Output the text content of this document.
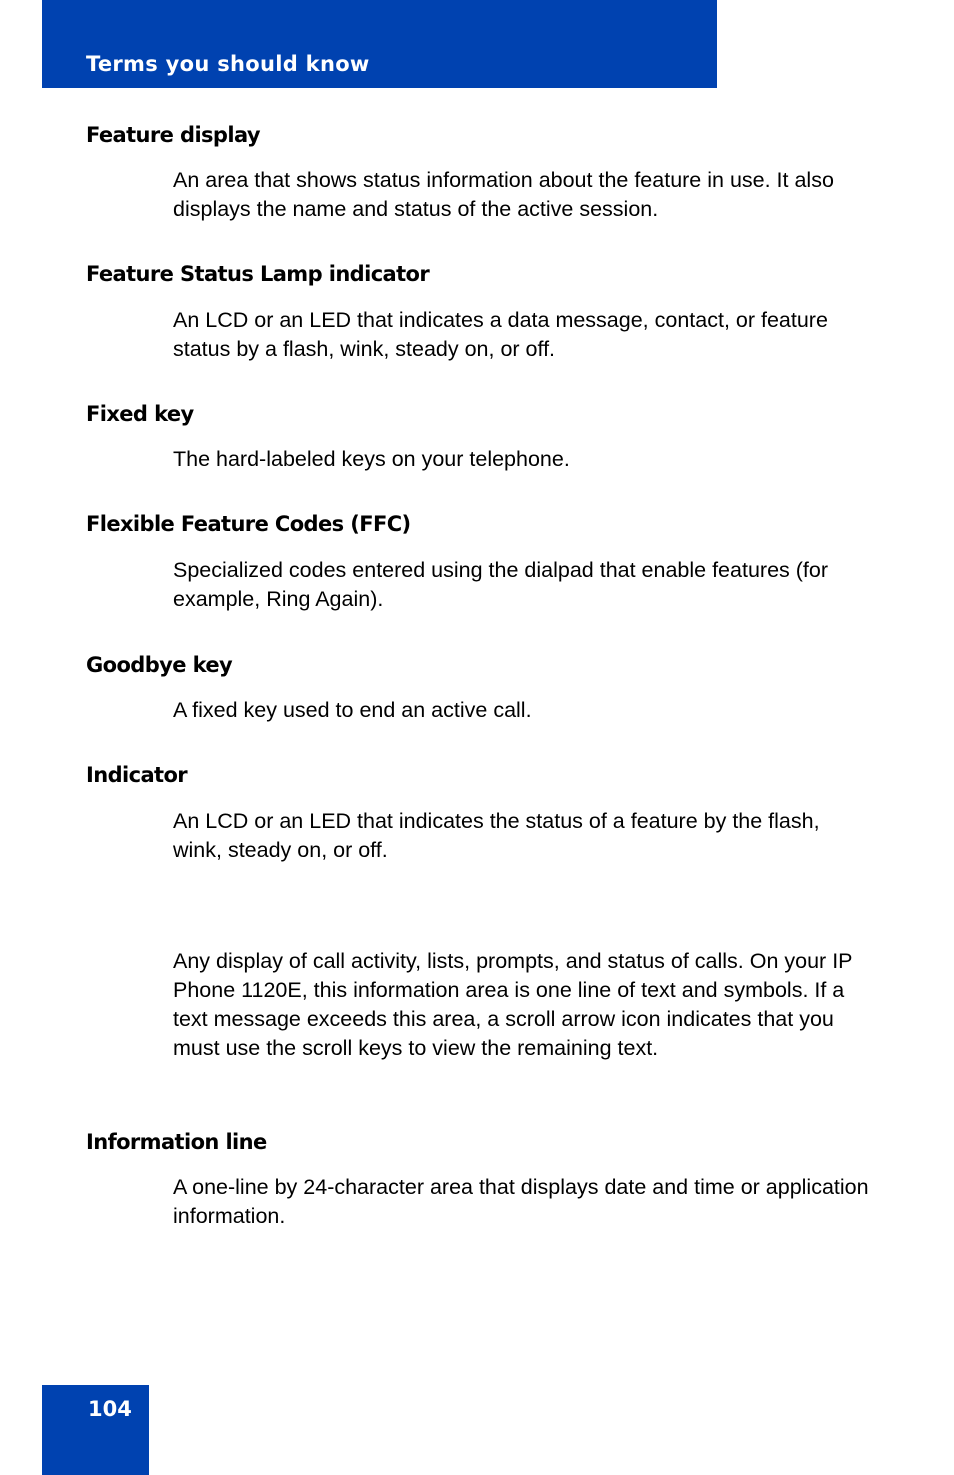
Terms you should know
Feature display
An area that shows status information about the feature in use. It also displays the name and status of the active session.
Feature Status Lamp indicator
An LCD or an LED that indicates a data message, contact, or feature status by a flash, wink, steady on, or off.
Fixed key
The hard-labeled keys on your telephone.
Flexible Feature Codes (FFC)
Specialized codes entered using the dialpad that enable features (for example, Ring Again).
Goodbye key
A fixed key used to end an active call.
Indicator
An LCD or an LED that indicates the status of a feature by the flash, wink, steady on, or off.
Any display of call activity, lists, prompts, and status of calls. On your IP Phone 1120E, this information area is one line of text and symbols. If a text message exceeds this area, a scroll arrow icon indicates that you must use the scroll keys to view the remaining text.
Information line
A one-line by 24-character area that displays date and time or application information.
104
